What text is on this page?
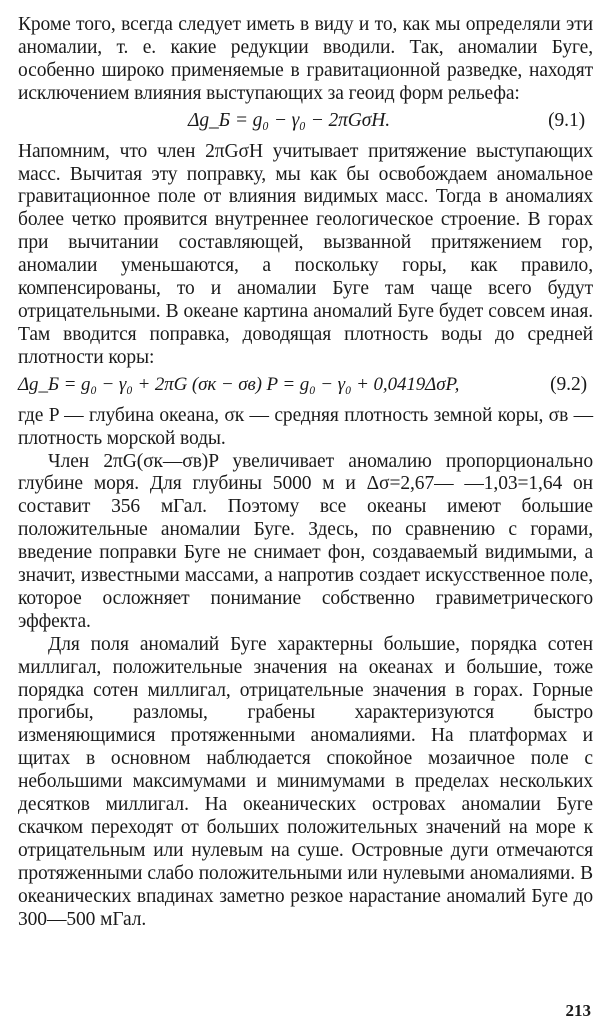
Кроме того, всегда следует иметь в виду и то, как мы определяли эти аномалии, т. е. какие редукции вводили. Так, аномалии Буге, особенно широко применяемые в гравитационной разведке, находят исключением влияния выступающих за геоид форм рельефа:

Δg_Б = g₀ − γ₀ − 2πGσH.	(9.1)

Напомним, что член 2πGσH учитывает притяжение выступающих масс. Вычитая эту поправку, мы как бы освобождаем аномальное гравитационное поле от влияния видимых масс. Тогда в аномалиях более четко проявится внутреннее геологическое строение. В горах при вычитании составляющей, вызванной притяжением гор, аномалии уменьшаются, а поскольку горы, как правило, компенсированы, то и аномалии Буге там чаще всего будут отрицательными. В океане картина аномалий Буге будет совсем иная. Там вводится поправка, доводящая плотность воды до средней плотности коры:

Δg_Б = g₀ − γ₀ + 2πG (σк − σв) P = g₀ − γ₀ + 0,0419ΔσP,	(9.2)

где P — глубина океана, σк — средняя плотность земной коры, σв — плотность морской воды.

Член 2πG(σк—σв)P увеличивает аномалию пропорционально глубине моря. Для глубины 5000 м и Δσ=2,67— —1,03=1,64 он составит 356 мГал. Поэтому все океаны имеют большие положительные аномалии Буге. Здесь, по сравнению с горами, введение поправки Буге не снимает фон, создаваемый видимыми, а значит, известными массами, а напротив создает искусственное поле, которое осложняет понимание собственно гравиметрического эффекта.

Для поля аномалий Буге характерны большие, порядка сотен миллигал, положительные значения на океанах и большие, тоже порядка сотен миллигал, отрицательные значения в горах. Горные прогибы, разломы, грабены характеризуются быстро изменяющимися протяженными аномалиями. На платформах и щитах в основном наблюдается спокойное мозаичное поле с небольшими максимумами и минимумами в пределах нескольких десятков миллигал. На океанических островах аномалии Буге скачком переходят от больших положительных значений на море к отрицательным или нулевым на суше. Островные дуги отмечаются протяженными слабо положительными или нулевыми аномалиями. В океанических впадинах заметно резкое нарастание аномалий Буге до 300—500 мГал.

213
